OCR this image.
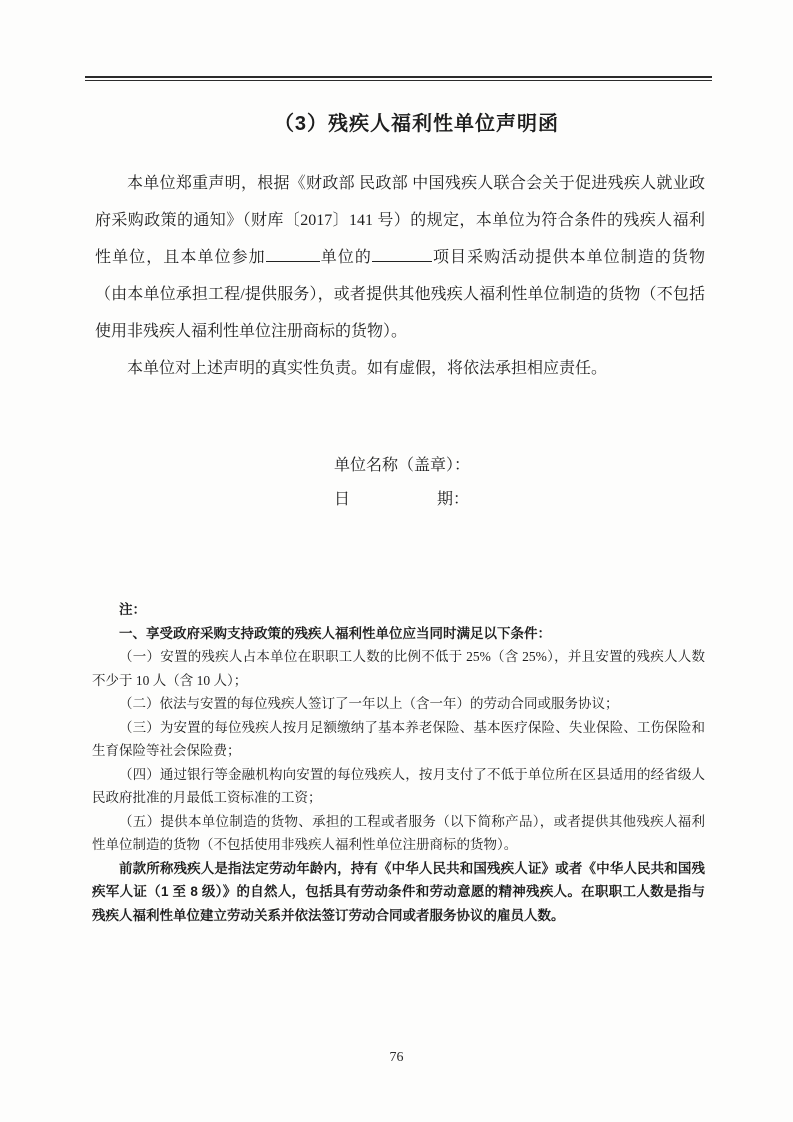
（3）残疾人福利性单位声明函

本单位郑重声明，根据《财政部 民政部 中国残疾人联合会关于促进残疾人就业政府采购政策的通知》（财库〔2017〕141 号）的规定，本单位为符合条件的残疾人福利性单位，且本单位参加	单位的	项目采购活动提供本单位制造的货物（由本单位承担工程/提供服务），或者提供其他残疾人福利性单位制造的货物（不包括使用非残疾人福利性单位注册商标的货物）。

本单位对上述声明的真实性负责。如有虚假，将依法承担相应责任。

单位名称（盖章）：
日	期：

注：

一、享受政府采购支持政策的残疾人福利性单位应当同时满足以下条件：

（一）安置的残疾人占本单位在职职工人数的比例不低于 25%（含 25%），并且安置的残疾人人数不少于 10 人（含 10 人）；

（二）依法与安置的每位残疾人签订了一年以上（含一年）的劳动合同或服务协议；

（三）为安置的每位残疾人按月足额缴纳了基本养老保险、基本医疗保险、失业保险、工伤保险和生育保险等社会保险费；

（四）通过银行等金融机构向安置的每位残疾人，按月支付了不低于单位所在区县适用的经省级人民政府批准的月最低工资标准的工资；

（五）提供本单位制造的货物、承担的工程或者服务（以下简称产品），或者提供其他残疾人福利性单位制造的货物（不包括使用非残疾人福利性单位注册商标的货物）。

前款所称残疾人是指法定劳动年龄内，持有《中华人民共和国残疾人证》或者《中华人民共和国残疾军人证（1 至 8 级）》的自然人，包括具有劳动条件和劳动意愿的精神残疾人。在职职工人数是指与残疾人福利性单位建立劳动关系并依法签订劳动合同或者服务协议的雇员人数。

76
